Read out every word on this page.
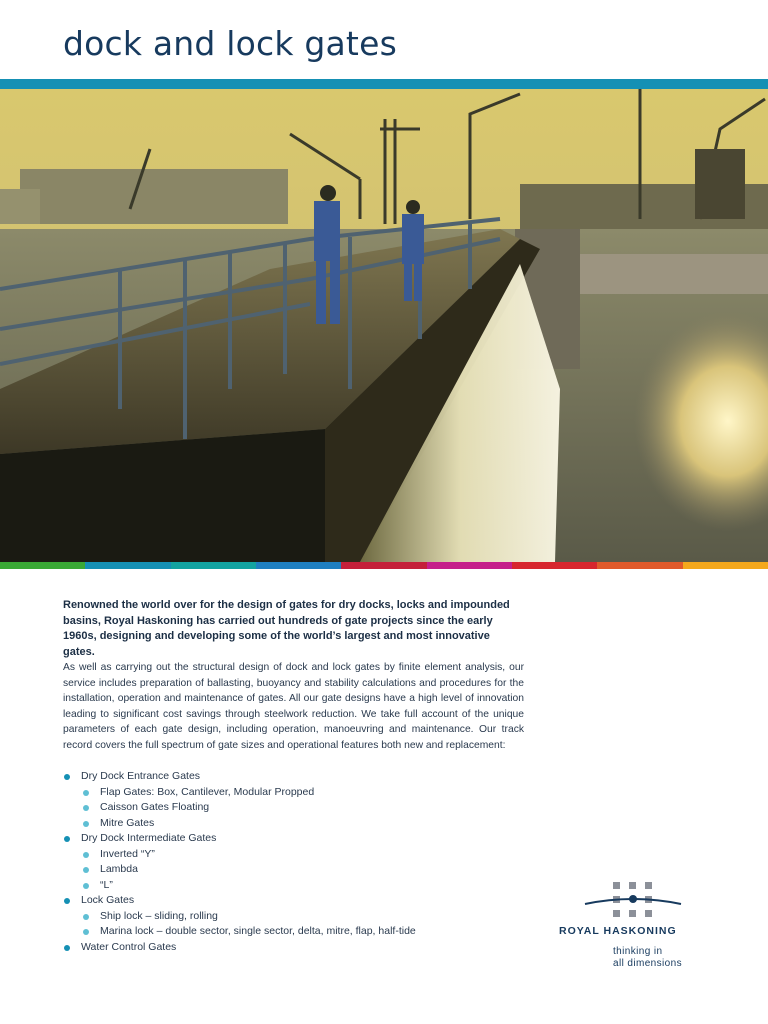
dock and lock gates

Renowned the world over for the design of gates for dry docks, locks and impounded basins, Royal Haskoning has carried out hundreds of gate projects since the early 1960s, designing and developing some of the world’s largest and most innovative gates.

As well as carrying out the structural design of dock and lock gates by finite element analysis, our service includes preparation of ballasting, buoyancy and stability calculations and procedures for the installation, operation and maintenance of gates. All our gate designs have a high level of innovation leading to significant cost savings through steelwork reduction. We take full account of the unique parameters of each gate design, including operation, manoeuvring and maintenance. Our track record covers the full spectrum of gate sizes and operational features both new and replacement:

Dry Dock Entrance Gates
Flap Gates: Box, Cantilever, Modular Propped
Caisson Gates Floating
Mitre Gates
Dry Dock Intermediate Gates
Inverted “Y”
Lambda
“L”
Lock Gates
Ship lock – sliding, rolling
Marina lock – double sector, single sector, delta, mitre, flap, half-tide
Water Control Gates
ROYAL HASKONING
thinking in
all dimensions
